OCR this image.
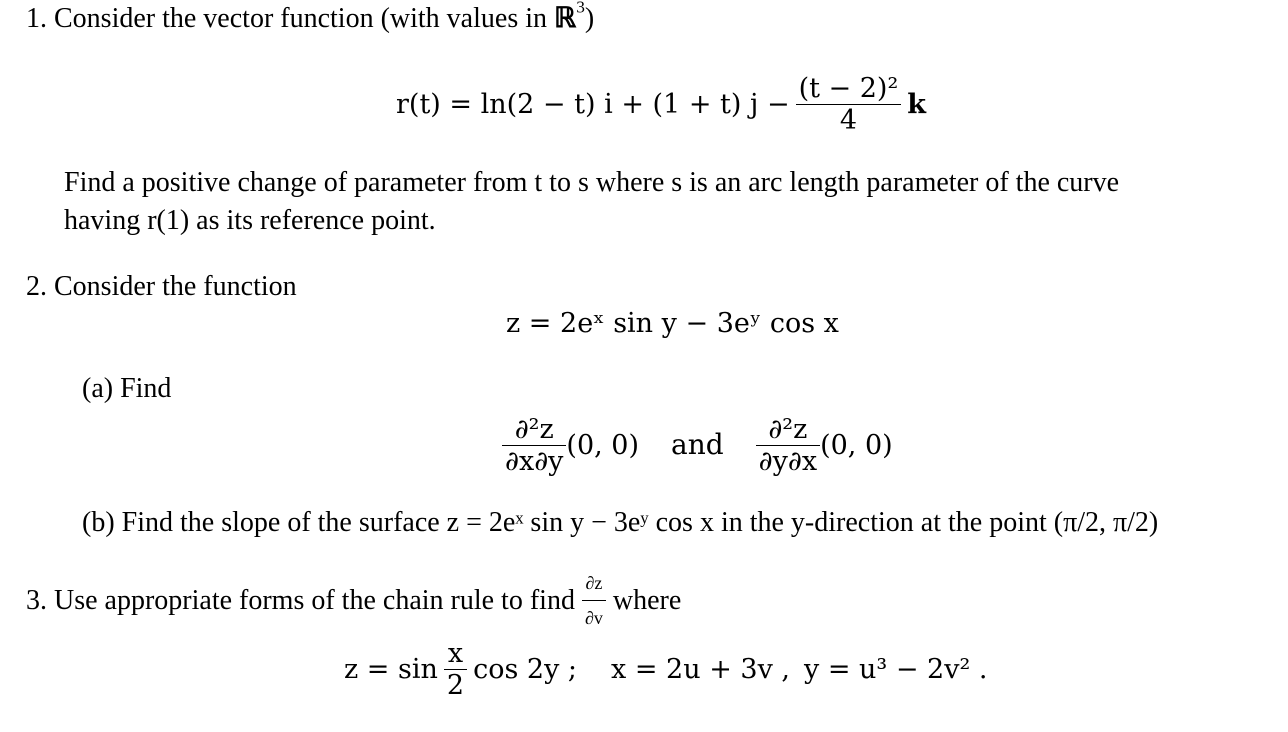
1. Consider the vector function (with values in ℝ$^3$)
r(t) = ln(2 − t) i + (1 + t) $j - \frac{\text{(t − 2)²}}{4}$ k
Find a positive change of parameter from t to s where s is an arc length parameter of the curve
having r(1) as its reference point.
2. Consider the function
z = 2eˣ sin y − 3eʸ cos x
(a) Find
$\frac{\text{∂²z}}{\partial x\partial y} (0$, 0) and $\frac{\text{∂²z}}{\partial y\partial x} (0$, 0)
(b) Find the slope of the surface z = 2eˣ sin y − 3eʸ cos x in the y-direction at the point (π/2, π/2)
3.
Use appropriate forms of the chain rule to find
$\frac{\partial z}{\partial v}$
where
$z = \sin \frac{x}{2}$ cos 2y ; x = 2u + 3v , y = u³ − 2v² .
